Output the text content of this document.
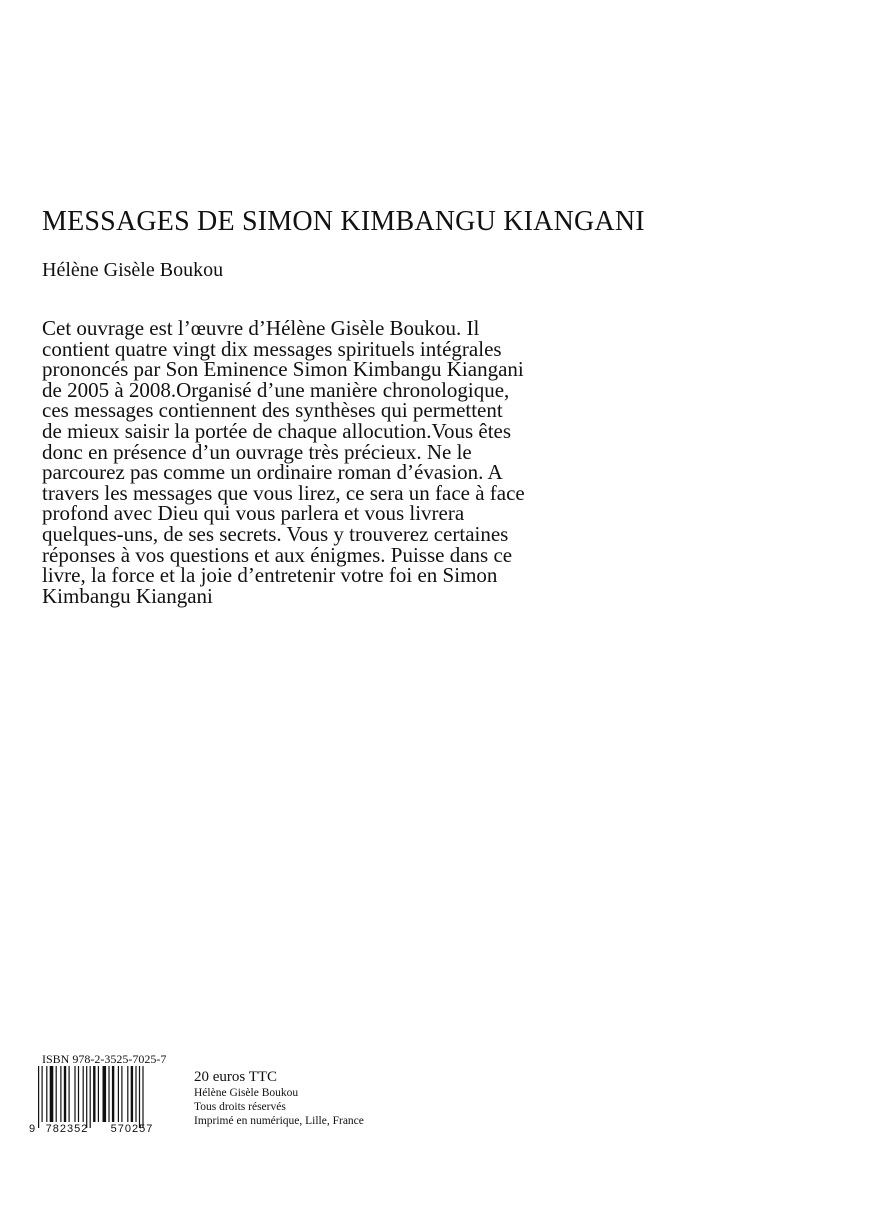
MESSAGES DE SIMON KIMBANGU KIANGANI
Hélène Gisèle Boukou

Cet ouvrage est l’œuvre d’Hélène Gisèle Boukou. Il
contient quatre vingt dix messages spirituels intégrales
prononcés par Son Eminence Simon Kimbangu Kiangani
de 2005 à 2008.Organisé d’une manière chronologique,
ces messages contiennent des synthèses qui permettent
de mieux saisir la portée de chaque allocution.Vous êtes
donc en présence d’un ouvrage très précieux. Ne le
parcourez pas comme un ordinaire roman d’évasion. A
travers les messages que vous lirez, ce sera un face à face
profond avec Dieu qui vous parlera et vous livrera
quelques-uns, de ses secrets. Vous y trouverez certaines
réponses à vos questions et aux énigmes. Puisse dans ce
livre, la force et la joie d’entretenir votre foi en Simon
Kimbangu Kiangani

ISBN 978-2-3525-7025-7
9 782352 570257
20 euros TTC
Hélène Gisèle Boukou
Tous droits réservés
Imprimé en numérique, Lille, France
